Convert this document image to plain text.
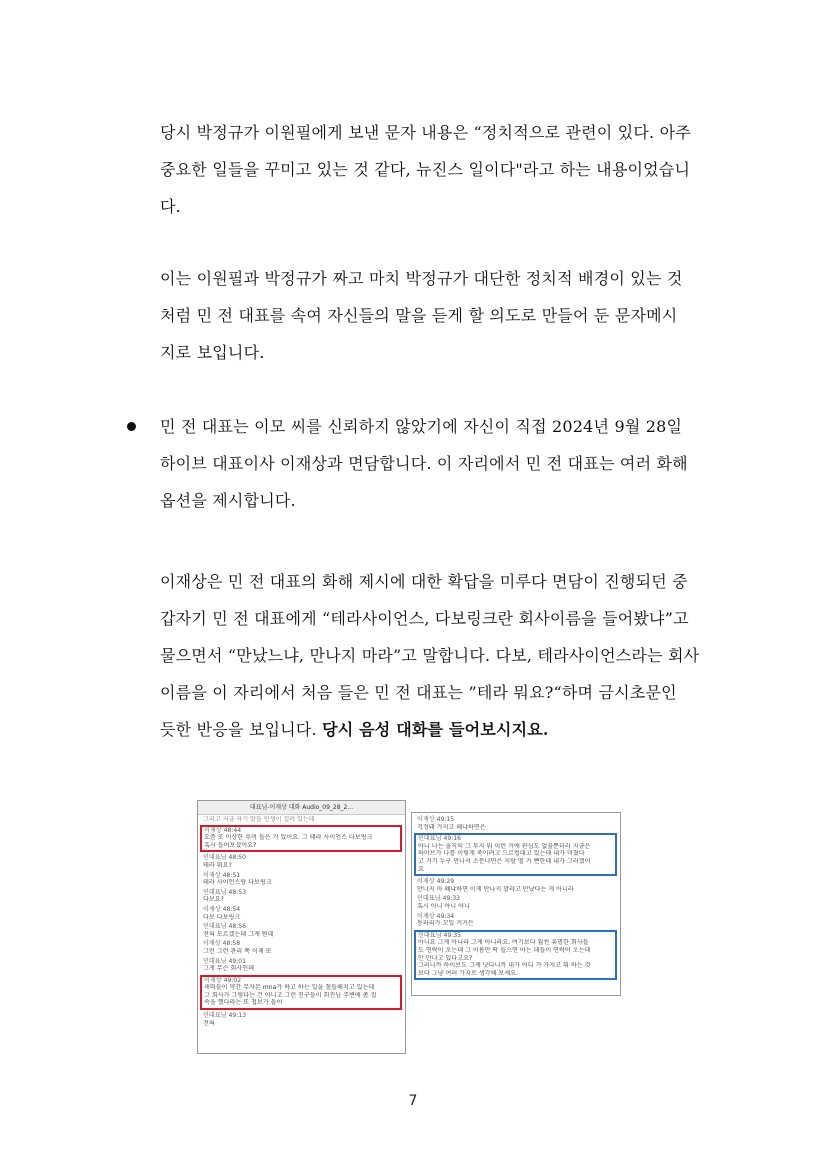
당시 박정규가 이원필에게 보낸 문자 내용은 “정치적으로 관련이 있다. 아주
중요한 일들을 꾸미고 있는 것 같다, 뉴진스 일이다"라고 하는 내용이었습니
다.
이는 이원필과 박정규가 짜고 마치 박정규가 대단한 정치적 배경이 있는 것
처럼 민 전 대표를 속여 자신들의 말을 듣게 할 의도로 만들어 둔 문자메시
지로 보입니다.
민 전 대표는 이모 씨를 신뢰하지 않았기에 자신이 직접 2024년 9월 28일
하이브 대표이사 이재상과 면담합니다. 이 자리에서 민 전 대표는 여러 화해
옵션을 제시합니다.
이재상은 민 전 대표의 화해 제시에 대한 확답을 미루다 면담이 진행되던 중
갑자기 민 전 대표에게 “테라사이언스, 다보링크란 회사이름을 들어봤냐”고
물으면서 “만났느냐, 만나지 마라”고 말합니다. 다보, 테라사이언스라는 회사
이름을 이 자리에서 처음 들은 민 전 대표는 ”테라 뭐요?“하며 금시초문인
듯한 반응을 보입니다. 당시 음성 대화를 들어보시지요.
대표님-이재상 대화 Audio_09_28_2...
그리고 지금 자기 말들 인생이 걸려 있는데
이재상 48:44
요즘 또 이상한 루머 들은 거 있어요. 그 테라 사이언스 다보링크
혹시 들어보셨어요?
민대표님 48:50
테라 뭐요?
이재상 48:51
테라 사이언스랑 다보링크
민대표님 48:53
다보요?
이재상 48:54
다보 다보링크
민대표님 48:56
전혀 모르겠는데 그게 뭔데
이재상 48:58
그런 그런 관리 쪽 이제 또
민대표님 49:01
그게 무슨 회사인데
이재상 49:02
세력들이 약간 무자본 mna가 하고 하는 일을 철들해지고 있는데
그 회사가 그렇다는 건 아니고 그런 친구들이 회진님 주변에 좀 접
속을 했다라는 또 첩보가 들어
민대표님 49:13
전혀
이재상 49:15
걱정돼 가지고 왜냐하면은
민대표님 49:16
아니 나는 솔직히 그 투자 뭐 이런 거에 관심도 없을뿐더러 지금은
하이브가 나를 이렇게 죽이려고 드르렁대고 있는데 내가 미쳤다
고 거기 누구 만나서 소문나면은 지랄 떨 거 뻔한데 내가 그러겠어
요
이재상 49:29
만나지 마 왜냐하면 이게 만나지 말라고 만났다는 게 아니라
민대표님 49:33
혹시 아니 아니 아니
이재상 49:34
동파리가 꼬일 거거든
민대표님 49:35
아니요 그게 아니라 그게 아니라요. 여기보다 훨씬 유명한 회사들
도 연락이 오는데 그 이름만 딱 들으면 아는 데들이 연락이 오는데
안 만나고 있다고요?
그러니까 하이브도 그게 낫다니까 내가 어디 가 가지고 뭐 하는 것
보다 그냥 여러 가지로 생각해 보세요.
7
